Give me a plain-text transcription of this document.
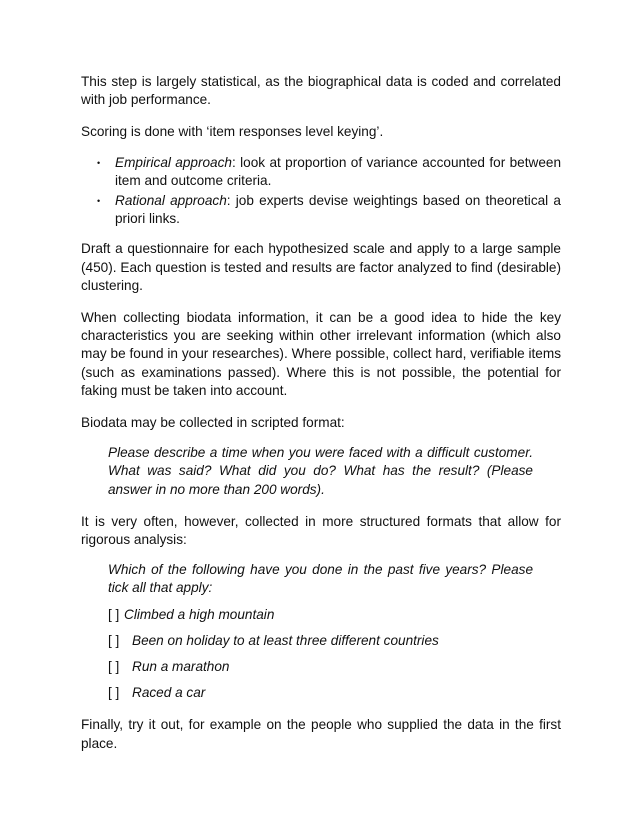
This step is largely statistical, as the biographical data is coded and correlated with job performance.

Scoring is done with ‘item responses level keying’.

• Empirical approach: look at proportion of variance accounted for between item and outcome criteria.
• Rational approach: job experts devise weightings based on theoretical a priori links.

Draft a questionnaire for each hypothesized scale and apply to a large sample (450). Each question is tested and results are factor analyzed to find (desirable) clustering.

When collecting biodata information, it can be a good idea to hide the key characteristics you are seeking within other irrelevant information (which also may be found in your researches). Where possible, collect hard, verifiable items (such as examinations passed). Where this is not possible, the potential for faking must be taken into account.

Biodata may be collected in scripted format:

Please describe a time when you were faced with a difficult customer. What was said? What did you do? What has the result? (Please answer in no more than 200 words).

It is very often, however, collected in more structured formats that allow for rigorous analysis:

Which of the following have you done in the past five years? Please tick all that apply:

[ ] Climbed a high mountain
[ ] Been on holiday to at least three different countries
[ ] Run a marathon
[ ] Raced a car

Finally, try it out, for example on the people who supplied the data in the first place.
